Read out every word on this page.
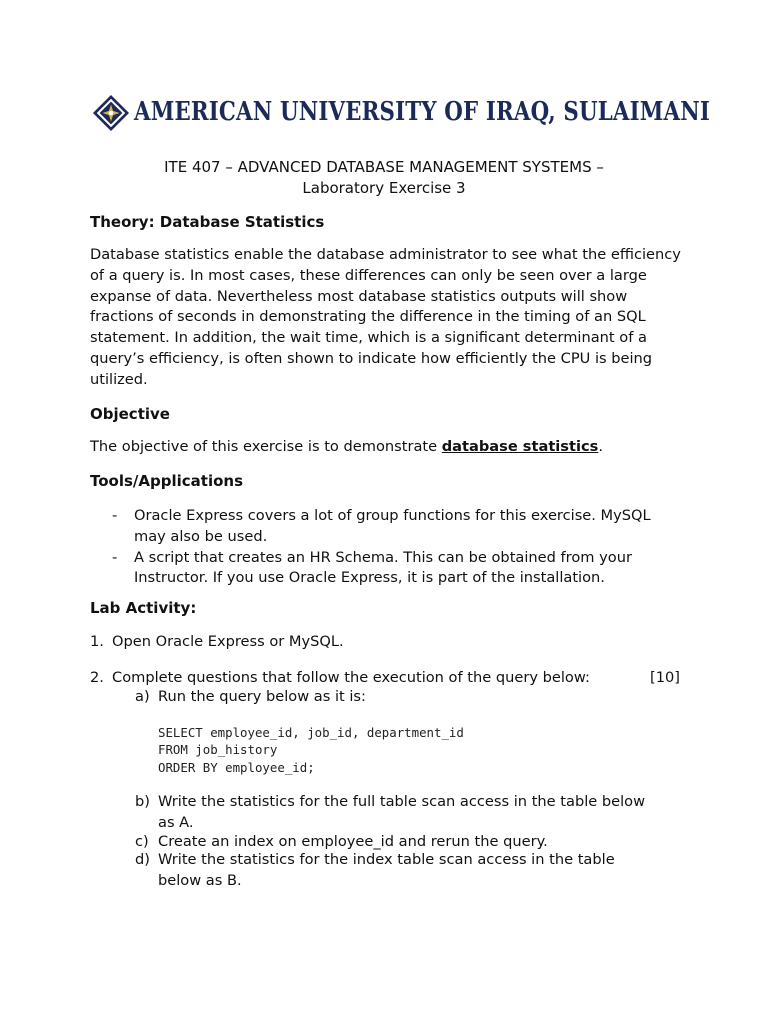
AMERICAN UNIVERSITY OF IRAQ, SULAIMANI
ITE 407 – ADVANCED DATABASE MANAGEMENT SYSTEMS –
Laboratory Exercise 3
Theory: Database Statistics
Database statistics enable the database administrator to see what the efficiency of a query is. In most cases, these differences can only be seen over a large expanse of data. Nevertheless most database statistics outputs will show fractions of seconds in demonstrating the difference in the timing of an SQL statement. In addition, the wait time, which is a significant determinant of a query’s efficiency, is often shown to indicate how efficiently the CPU is being utilized.
Objective
The objective of this exercise is to demonstrate database statistics.
Tools/Applications
- Oracle Express covers a lot of group functions for this exercise. MySQL may also be used.
- A script that creates an HR Schema. This can be obtained from your Instructor. If you use Oracle Express, it is part of the installation.
Lab Activity:
1. Open Oracle Express or MySQL.
2. Complete questions that follow the execution of the query below:	[10]
a) Run the query below as it is:
SELECT employee_id, job_id, department_id
FROM job_history
ORDER BY employee_id;
b) Write the statistics for the full table scan access in the table below
as A.
c) Create an index on employee_id and rerun the query.
d) Write the statistics for the index table scan access in the table
below as B.
